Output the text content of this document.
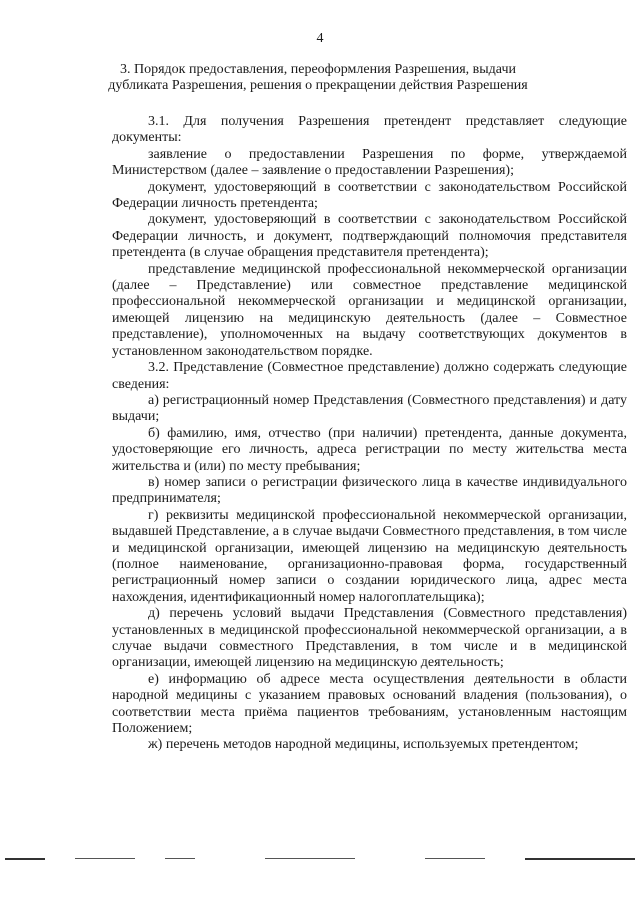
4
3. Порядок предоставления, переоформления Разрешения, выдачи дубликата Разрешения, решения о прекращении действия Разрешения

3.1. Для получения Разрешения претендент представляет следующие документы:

заявление о предоставлении Разрешения по форме, утверждаемой Министерством (далее – заявление о предоставлении Разрешения);

документ, удостоверяющий в соответствии с законодательством Российской Федерации личность претендента;

документ, удостоверяющий в соответствии с законодательством Российской Федерации личность, и документ, подтверждающий полномочия представителя претендента (в случае обращения представителя претендента);

представление медицинской профессиональной некоммерческой организации (далее – Представление) или совместное представление медицинской профессиональной некоммерческой организации и медицинской организации, имеющей лицензию на медицинскую деятельность (далее – Совместное представление), уполномоченных на выдачу соответствующих документов в установленном законодательством порядке.

3.2. Представление (Совместное представление) должно содержать следующие сведения:

а) регистрационный номер Представления (Совместного представления) и дату выдачи;

б) фамилию, имя, отчество (при наличии) претендента, данные документа, удостоверяющие его личность, адреса регистрации по месту жительства места жительства и (или) по месту пребывания;

в) номер записи о регистрации физического лица в качестве индивидуального предпринимателя;

г) реквизиты медицинской профессиональной некоммерческой организации, выдавшей Представление, а в случае выдачи Совместного представления, в том числе и медицинской организации, имеющей лицензию на медицинскую деятельность (полное наименование, организационно-правовая форма, государственный регистрационный номер записи о создании юридического лица, адрес места нахождения, идентификационный номер налогоплательщика);

д) перечень условий выдачи Представления (Совместного представления) установленных в медицинской профессиональной некоммерческой организации, а в случае выдачи совместного Представления, в том числе и в медицинской организации, имеющей лицензию на медицинскую деятельность;

е) информацию об адресе места осуществления деятельности в области народной медицины с указанием правовых оснований владения (пользования), о соответствии места приёма пациентов требованиям, установленным настоящим Положением;

ж) перечень методов народной медицины, используемых претендентом;
